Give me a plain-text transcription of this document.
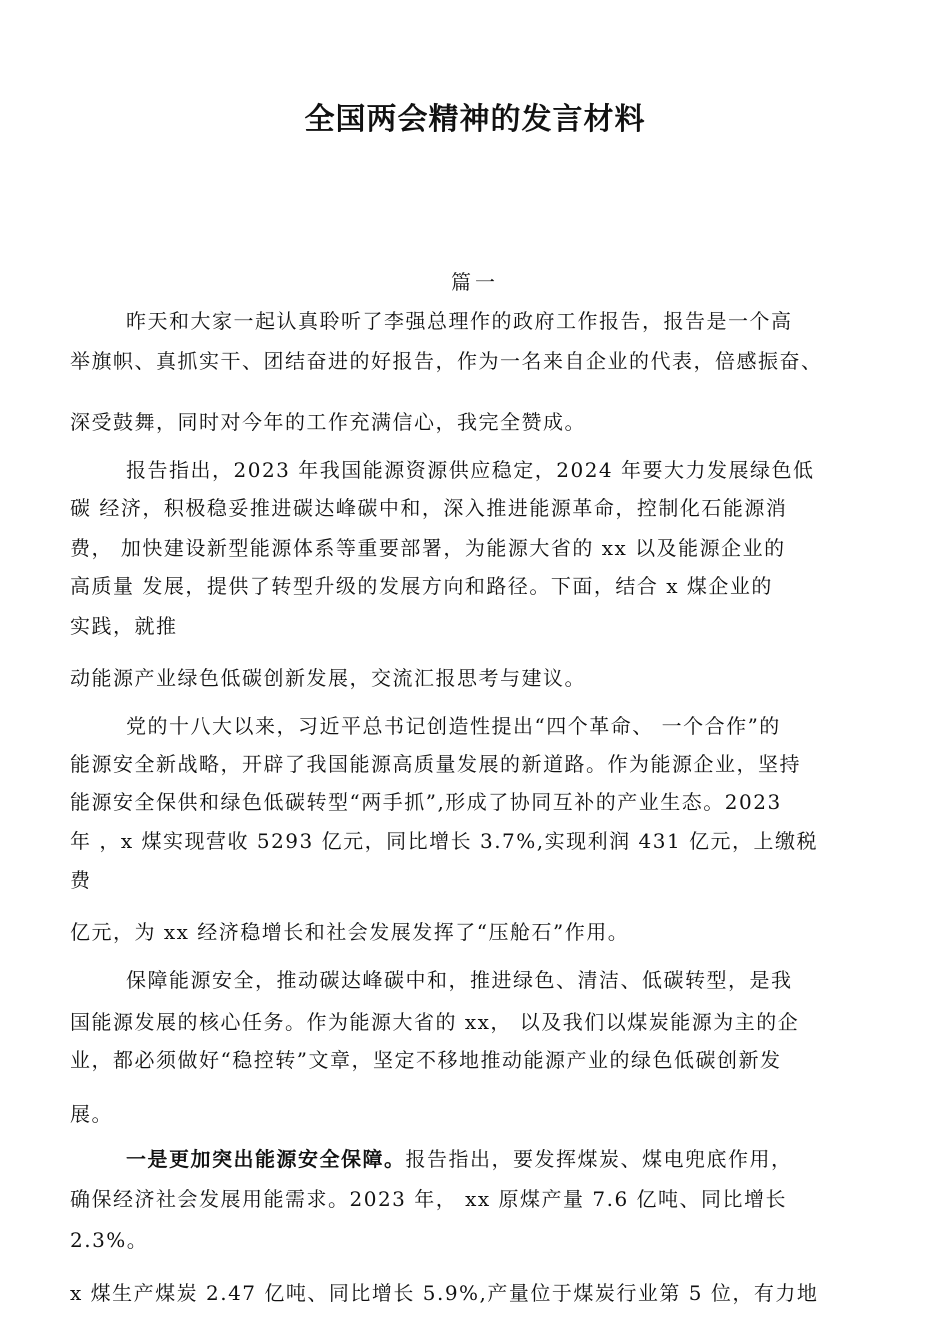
全国两会精神的发言材料
篇一
昨天和大家一起认真聆听了李强总理作的政府工作报告，报告是一个高
举旗帜、真抓实干、团结奋进的好报告，作为一名来自企业的代表，倍感振奋、
深受鼓舞，同时对今年的工作充满信心，我完全赞成。
报告指出，2023 年我国能源资源供应稳定，2024 年要大力发展绿色低
碳 经济，积极稳妥推进碳达峰碳中和，深入推进能源革命，控制化石能源消
费， 加快建设新型能源体系等重要部署，为能源大省的 xx 以及能源企业的
高质量 发展，提供了转型升级的发展方向和路径。下面，结合 x 煤企业的
实践，就推
动能源产业绿色低碳创新发展，交流汇报思考与建议。
党的十八大以来，习近平总书记创造性提出“四个革命、 一个合作”的
能源安全新战略，开辟了我国能源高质量发展的新道路。作为能源企业，坚持
能源安全保供和绿色低碳转型“两手抓”,形成了协同互补的产业生态。2023
年 ，x 煤实现营收 5293 亿元，同比增长 3.7%,实现利润 431 亿元，上缴税
费
亿元，为 xx 经济稳增长和社会发展发挥了“压舱石”作用。
保障能源安全，推动碳达峰碳中和，推进绿色、清洁、低碳转型，是我
国能源发展的核心任务。作为能源大省的 xx， 以及我们以煤炭能源为主的企
业，都必须做好“稳控转”文章，坚定不移地推动能源产业的绿色低碳创新发
展。
一是更加突出能源安全保障。报告指出，要发挥煤炭、煤电兜底作用，
确保经济社会发展用能需求。2023 年， xx 原煤产量 7.6 亿吨、同比增长
2.3%。
x 煤生产煤炭 2.47 亿吨、同比增长 5.9%,产量位于煤炭行业第 5 位，有力地
